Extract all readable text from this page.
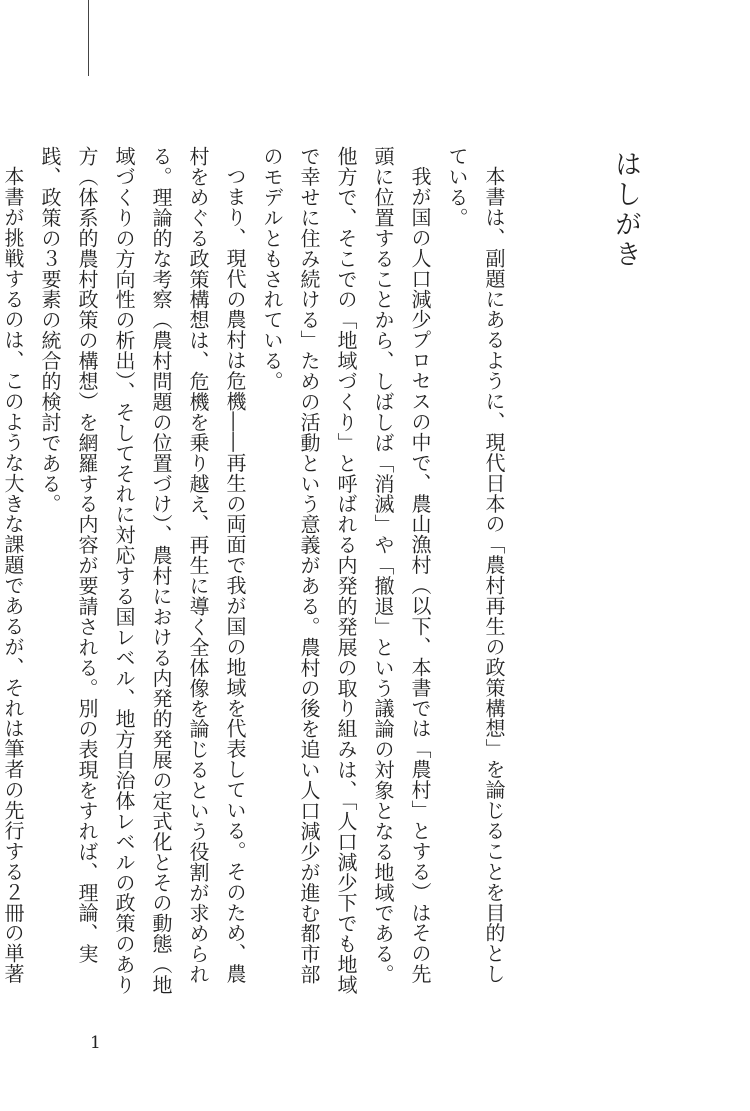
はしがき

本書は、副題にあるように、現代日本の「農村再生の政策構想」を論じることを目的としている。

我が国の人口減少プロセスの中で、農山漁村（以下、本書では「農村」とする）はその先頭に位置することから、しばしば「消滅」や「撤退」という議論の対象となる地域である。他方で、そこでの「地域づくり」と呼ばれる内発的発展の取り組みは、「人口減少下でも地域で幸せに住み続ける」ための活動という意義がある。農村の後を追い人口減少が進む都市部のモデルともされている。

つまり、現代の農村は危機――再生の両面で我が国の地域を代表している。そのため、農村をめぐる政策構想は、危機を乗り越え、再生に導く全体像を論じるという役割が求められる。理論的な考察（農村問題の位置づけ）、農村における内発的発展の定式化とその動態（地域づくりの方向性の析出）、そしてそれに対応する国レベル、地方自治体レベルの政策のあり方（体系的農村政策の構想）を網羅する内容が要請される。別の表現をすれば、理論、実践、政策の３要素の統合的検討である。

本書が挑戦するのは、このような大きな課題であるが、それは筆者の先行する２冊の単著

1
